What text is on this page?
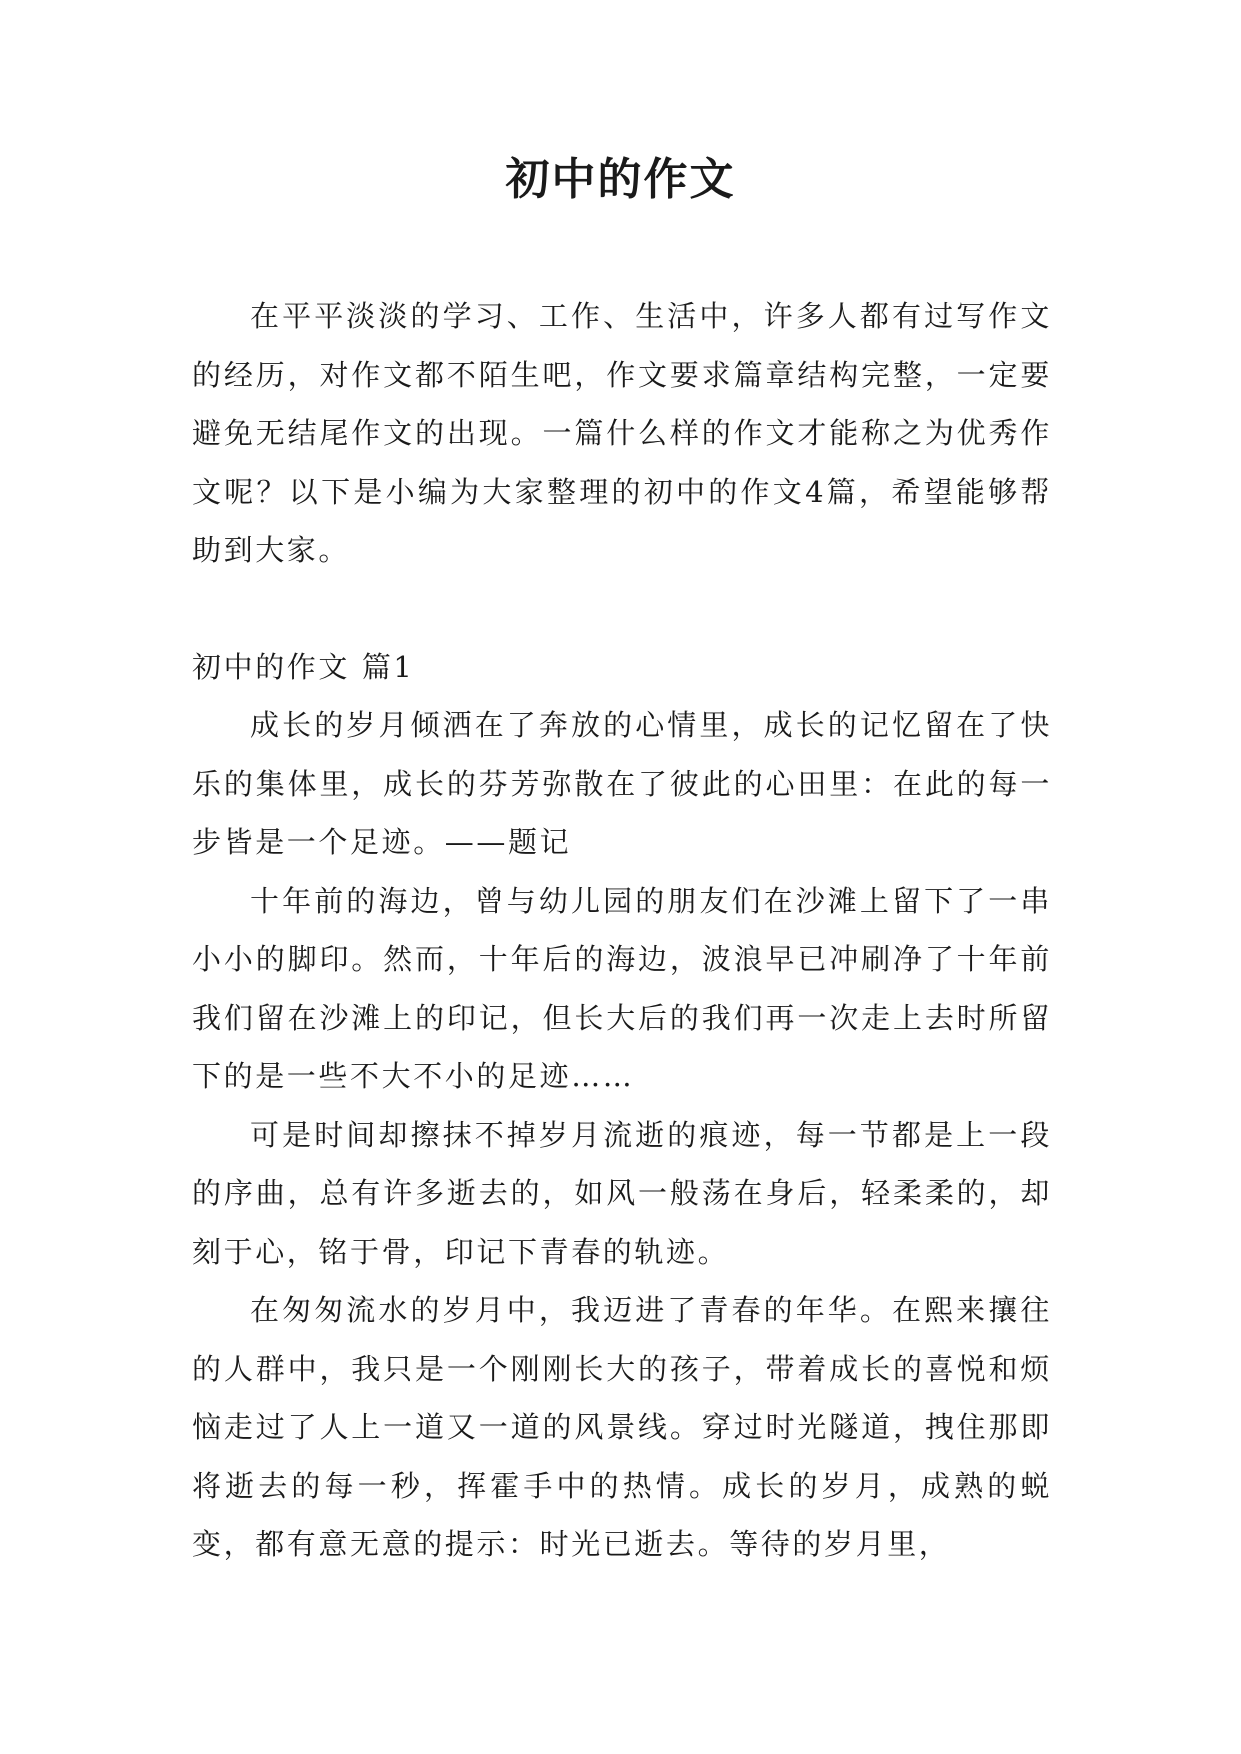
初中的作文

在平平淡淡的学习、工作、生活中，许多人都有过写作文的经历，对作文都不陌生吧，作文要求篇章结构完整，一定要避免无结尾作文的出现。一篇什么样的作文才能称之为优秀作文呢？以下是小编为大家整理的初中的作文4篇，希望能够帮助到大家。

初中的作文 篇1

成长的岁月倾洒在了奔放的心情里，成长的记忆留在了快乐的集体里，成长的芬芳弥散在了彼此的心田里：在此的每一步皆是一个足迹。——题记

十年前的海边，曾与幼儿园的朋友们在沙滩上留下了一串小小的脚印。然而，十年后的海边，波浪早已冲刷净了十年前我们留在沙滩上的印记，但长大后的我们再一次走上去时所留下的是一些不大不小的足迹……

可是时间却擦抹不掉岁月流逝的痕迹，每一节都是上一段的序曲，总有许多逝去的，如风一般荡在身后，轻柔柔的，却刻于心，铭于骨，印记下青春的轨迹。

在匆匆流水的岁月中，我迈进了青春的年华。在熙来攘往的人群中，我只是一个刚刚长大的孩子，带着成长的喜悦和烦恼走过了人上一道又一道的风景线。穿过时光隧道，拽住那即将逝去的每一秒，挥霍手中的热情。成长的岁月，成熟的蜕变，都有意无意的提示：时光已逝去。等待的岁月里，
